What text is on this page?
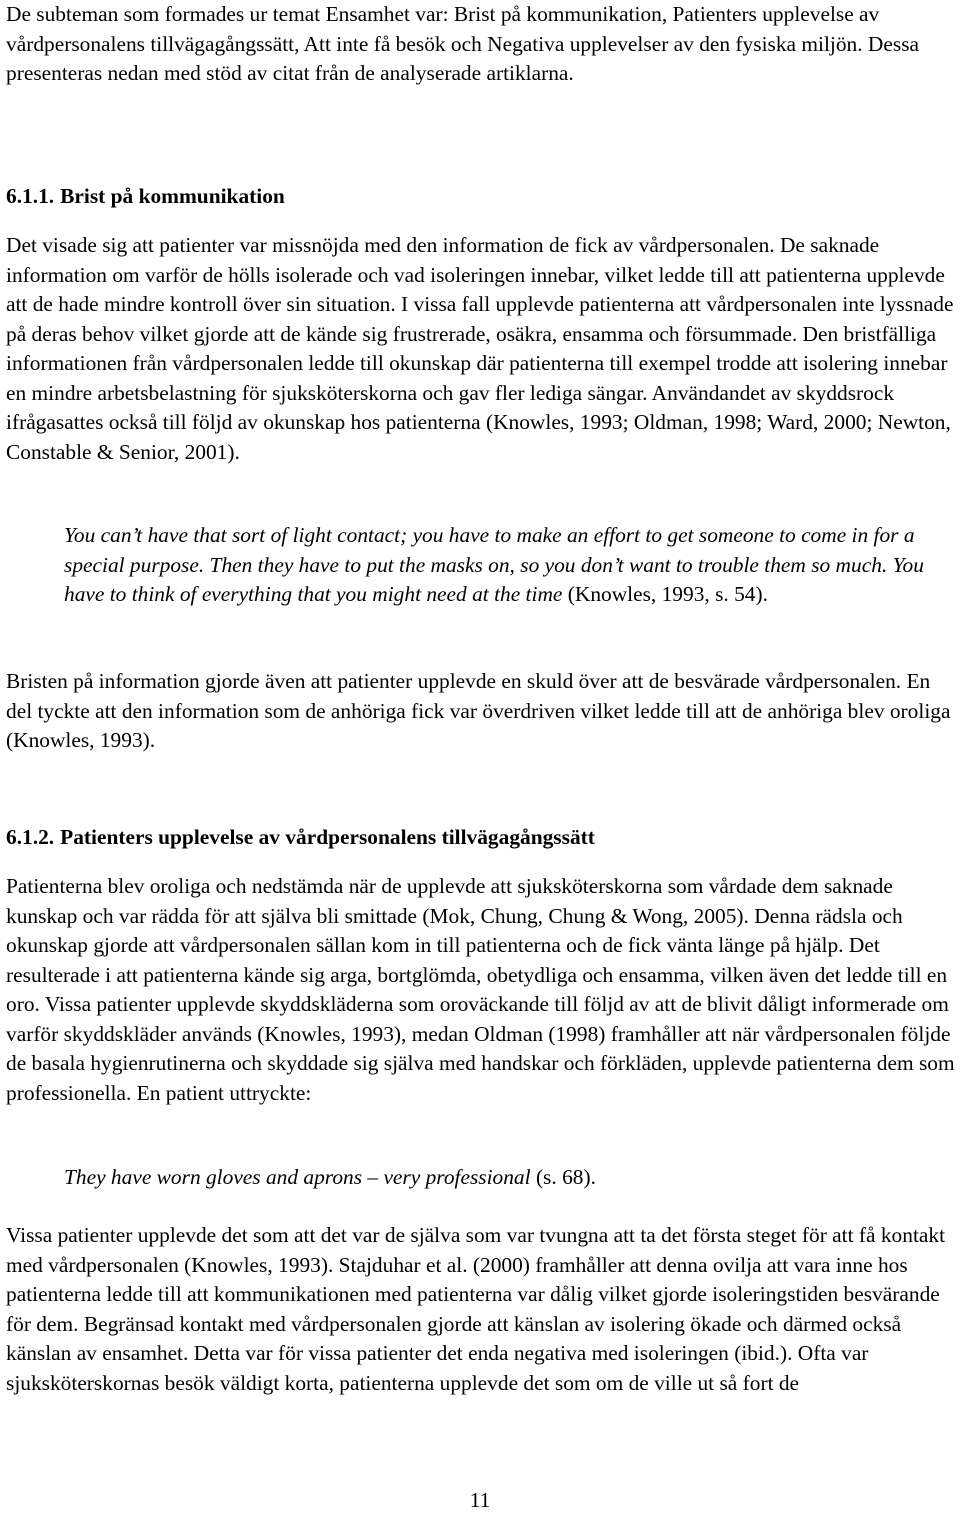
De subteman som formades ur temat Ensamhet var: Brist på kommunikation, Patienters upplevelse av vårdpersonalens tillvägagångssätt, Att inte få besök och Negativa upplevelser av den fysiska miljön. Dessa presenteras nedan med stöd av citat från de analyserade artiklarna.

6.1.1. Brist på kommunikation

Det visade sig att patienter var missnöjda med den information de fick av vårdpersonalen. De saknade information om varför de hölls isolerade och vad isoleringen innebar, vilket ledde till att patienterna upplevde att de hade mindre kontroll över sin situation. I vissa fall upplevde patienterna att vårdpersonalen inte lyssnade på deras behov vilket gjorde att de kände sig frustrerade, osäkra, ensamma och försummade. Den bristfälliga informationen från vårdpersonalen ledde till okunskap där patienterna till exempel trodde att isolering innebar en mindre arbetsbelastning för sjuksköterskorna och gav fler lediga sängar. Användandet av skyddsrock ifrågasattes också till följd av okunskap hos patienterna (Knowles, 1993; Oldman, 1998; Ward, 2000; Newton, Constable & Senior, 2001).

You can’t have that sort of light contact; you have to make an effort to get someone to come in for a special purpose. Then they have to put the masks on, so you don’t want to trouble them so much. You have to think of everything that you might need at the time (Knowles, 1993, s. 54).

Bristen på information gjorde även att patienter upplevde en skuld över att de besvärade vårdpersonalen. En del tyckte att den information som de anhöriga fick var överdriven vilket ledde till att de anhöriga blev oroliga (Knowles, 1993).

6.1.2. Patienters upplevelse av vårdpersonalens tillvägagångssätt

Patienterna blev oroliga och nedstämda när de upplevde att sjuksköterskorna som vårdade dem saknade kunskap och var rädda för att själva bli smittade (Mok, Chung, Chung & Wong, 2005). Denna rädsla och okunskap gjorde att vårdpersonalen sällan kom in till patienterna och de fick vänta länge på hjälp. Det resulterade i att patienterna kände sig arga, bortglömda, obetydliga och ensamma, vilken även det ledde till en oro. Vissa patienter upplevde skyddskläderna som oroväckande till följd av att de blivit dåligt informerade om varför skyddskläder används (Knowles, 1993), medan Oldman (1998) framhåller att när vårdpersonalen följde de basala hygienrutinerna och skyddade sig själva med handskar och förkläden, upplevde patienterna dem som professionella. En patient uttryckte:

They have worn gloves and aprons – very professional (s. 68).

Vissa patienter upplevde det som att det var de själva som var tvungna att ta det första steget för att få kontakt med vårdpersonalen (Knowles, 1993). Stajduhar et al. (2000) framhåller att denna ovilja att vara inne hos patienterna ledde till att kommunikationen med patienterna var dålig vilket gjorde isoleringstiden besvärande för dem. Begränsad kontakt med vårdpersonalen gjorde att känslan av isolering ökade och därmed också känslan av ensamhet. Detta var för vissa patienter det enda negativa med isoleringen (ibid.). Ofta var sjuksköterskornas besök väldigt korta, patienterna upplevde det som om de ville ut så fort de

11
